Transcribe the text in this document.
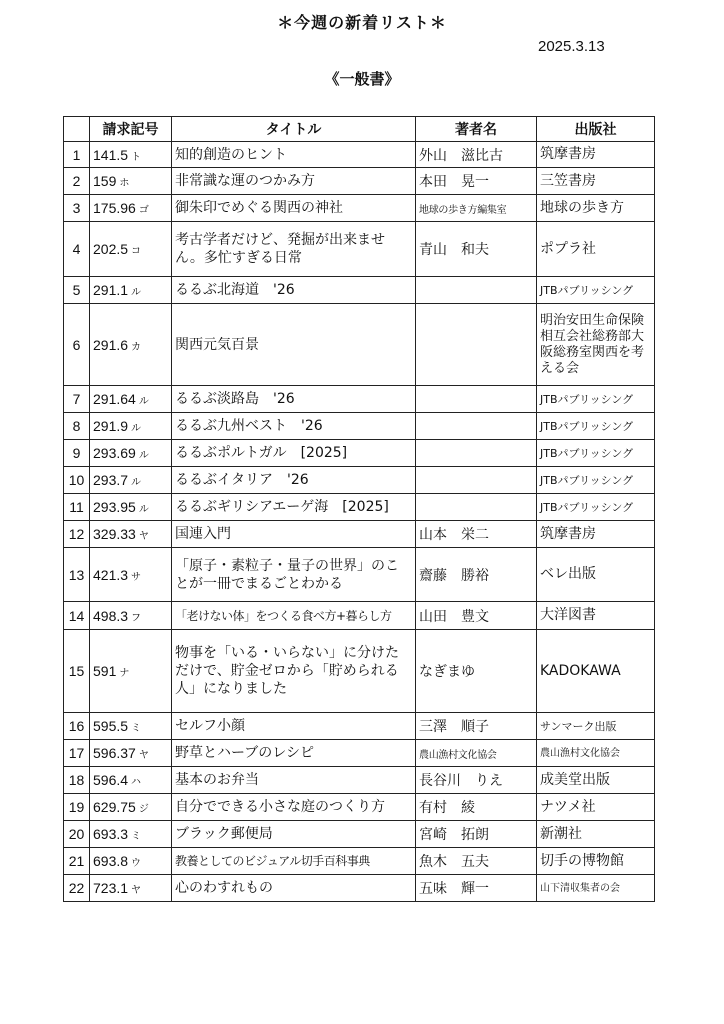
＊今週の新着リスト＊
2025.3.13
《一般書》
	請求記号	タイトル	著者名	出版社
1	141.5 ト	知的創造のヒント	外山　滋比古	筑摩書房
2	159 ホ	非常識な運のつかみ方	本田　晃一	三笠書房
3	175.96 ゴ	御朱印でめぐる関西の神社	地球の歩き方編集室	地球の歩き方
4	202.5 コ	考古学者だけど、発掘が出来ません。多忙すぎる日常	青山　和夫	ポプラ社
5	291.1 ル	るるぶ北海道　'26		JTBパブリッシング
6	291.6 カ	関西元気百景		明治安田生命保険相互会社総務部大阪総務室関西を考える会
7	291.64 ル	るるぶ淡路島　'26		JTBパブリッシング
8	291.9 ル	るるぶ九州ベスト　'26		JTBパブリッシング
9	293.69 ル	るるぶポルトガル　[2025]		JTBパブリッシング
10	293.7 ル	るるぶイタリア　'26		JTBパブリッシング
11	293.95 ル	るるぶギリシアエーゲ海　[2025]		JTBパブリッシング
12	329.33 ヤ	国連入門	山本　栄二	筑摩書房
13	421.3 サ	「原子・素粒子・量子の世界」のことが一冊でまるごとわかる	齋藤　勝裕	ベレ出版
14	498.3 フ	「老けない体」をつくる食べ方+暮らし方	山田　豊文	大洋図書
15	591 ナ	物事を「いる・いらない」に分けただけで、貯金ゼロから「貯められる人」になりました	なぎまゆ	KADOKAWA
16	595.5 ミ	セルフ小顔	三澤　順子	サンマーク出版
17	596.37 ヤ	野草とハーブのレシピ	農山漁村文化協会	農山漁村文化協会
18	596.4 ハ	基本のお弁当	長谷川　りえ	成美堂出版
19	629.75 ジ	自分でできる小さな庭のつくり方	有村　綾	ナツメ社
20	693.3 ミ	ブラック郵便局	宮崎　拓朗	新潮社
21	693.8 ウ	教養としてのビジュアル切手百科事典	魚木　五夫	切手の博物館
22	723.1 ヤ	心のわすれもの	五味　輝一	山下清収集者の会
